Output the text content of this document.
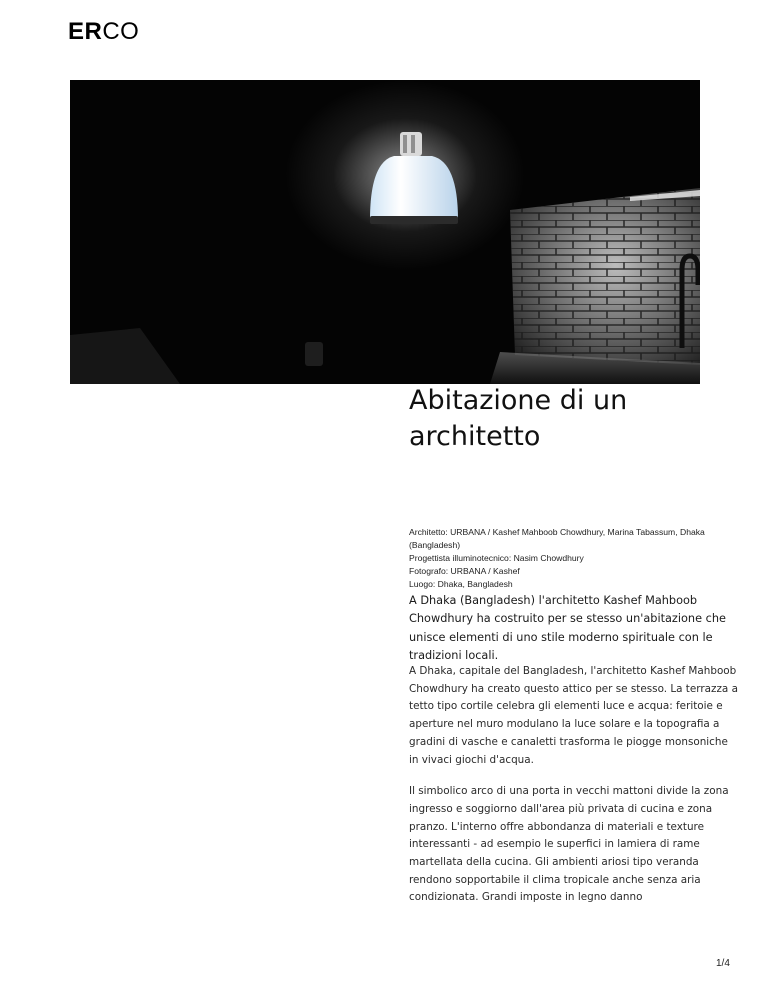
ERCO
Abitazione di un architetto
Architetto: URBANA / Kashef Mahboob Chowdhury, Marina Tabassum, Dhaka (Bangladesh)
Progettista illuminotecnico: Nasim Chowdhury
Fotografo: URBANA / Kashef
Luogo: Dhaka, Bangladesh

A Dhaka (Bangladesh) l'architetto Kashef Mahboob Chowdhury ha costruito per se stesso un'abitazione che unisce elementi di uno stile moderno spirituale con le tradizioni locali.

A Dhaka, capitale del Bangladesh, l'architetto Kashef Mahboob Chowdhury ha creato questo attico per se stesso. La terrazza a tetto tipo cortile celebra gli elementi luce e acqua: feritoie e aperture nel muro modulano la luce solare e la topografia a gradini di vasche e canaletti trasforma le piogge monsoniche in vivaci giochi d'acqua.

Il simbolico arco di una porta in vecchi mattoni divide la zona ingresso e soggiorno dall'area più privata di cucina e zona pranzo. L'interno offre abbondanza di materiali e texture interessanti - ad esempio le superfici in lamiera di rame martellata della cucina. Gli ambienti ariosi tipo veranda rendono sopportabile il clima tropicale anche senza aria condizionata. Grandi imposte in legno danno

1/4
